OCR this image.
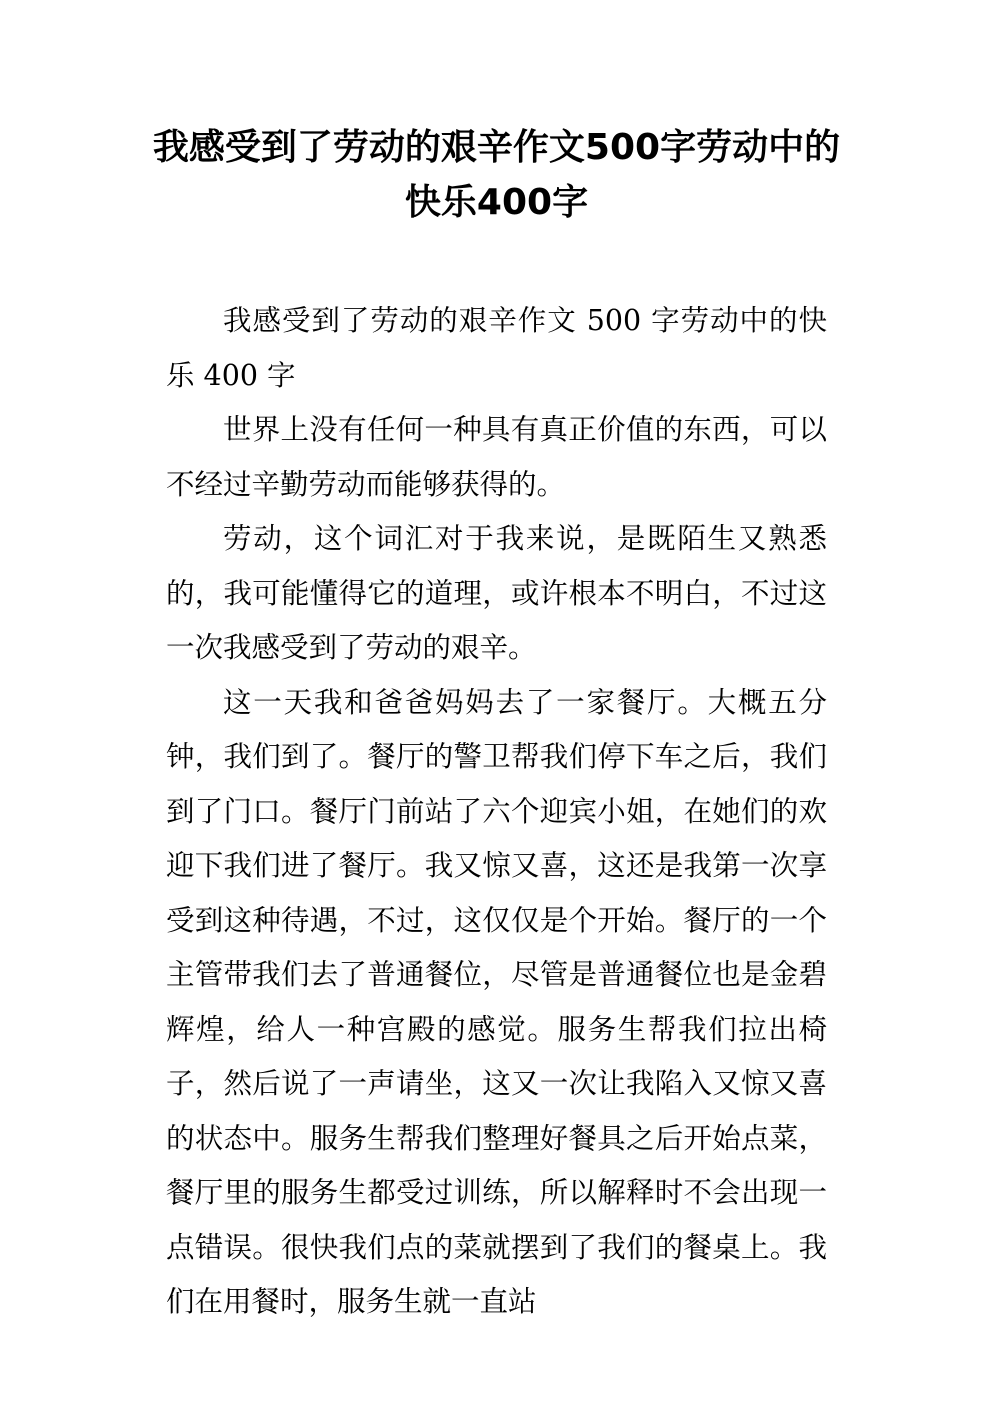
我感受到了劳动的艰辛作文500字劳动中的快乐400字

我感受到了劳动的艰辛作文 500 字劳动中的快乐 400 字

世界上没有任何一种具有真正价值的东西，可以不经过辛勤劳动而能够获得的。

劳动，这个词汇对于我来说，是既陌生又熟悉的，我可能懂得它的道理，或许根本不明白，不过这一次我感受到了劳动的艰辛。

这一天我和爸爸妈妈去了一家餐厅。大概五分钟，我们到了。餐厅的警卫帮我们停下车之后，我们到了门口。餐厅门前站了六个迎宾小姐，在她们的欢迎下我们进了餐厅。我又惊又喜，这还是我第一次享受到这种待遇，不过，这仅仅是个开始。餐厅的一个主管带我们去了普通餐位，尽管是普通餐位也是金碧辉煌，给人一种宫殿的感觉。服务生帮我们拉出椅子，然后说了一声请坐，这又一次让我陷入又惊又喜的状态中。服务生帮我们整理好餐具之后开始点菜，餐厅里的服务生都受过训练，所以解释时不会出现一点错误。很快我们点的菜就摆到了我们的餐桌上。我们在用餐时，服务生就一直站
